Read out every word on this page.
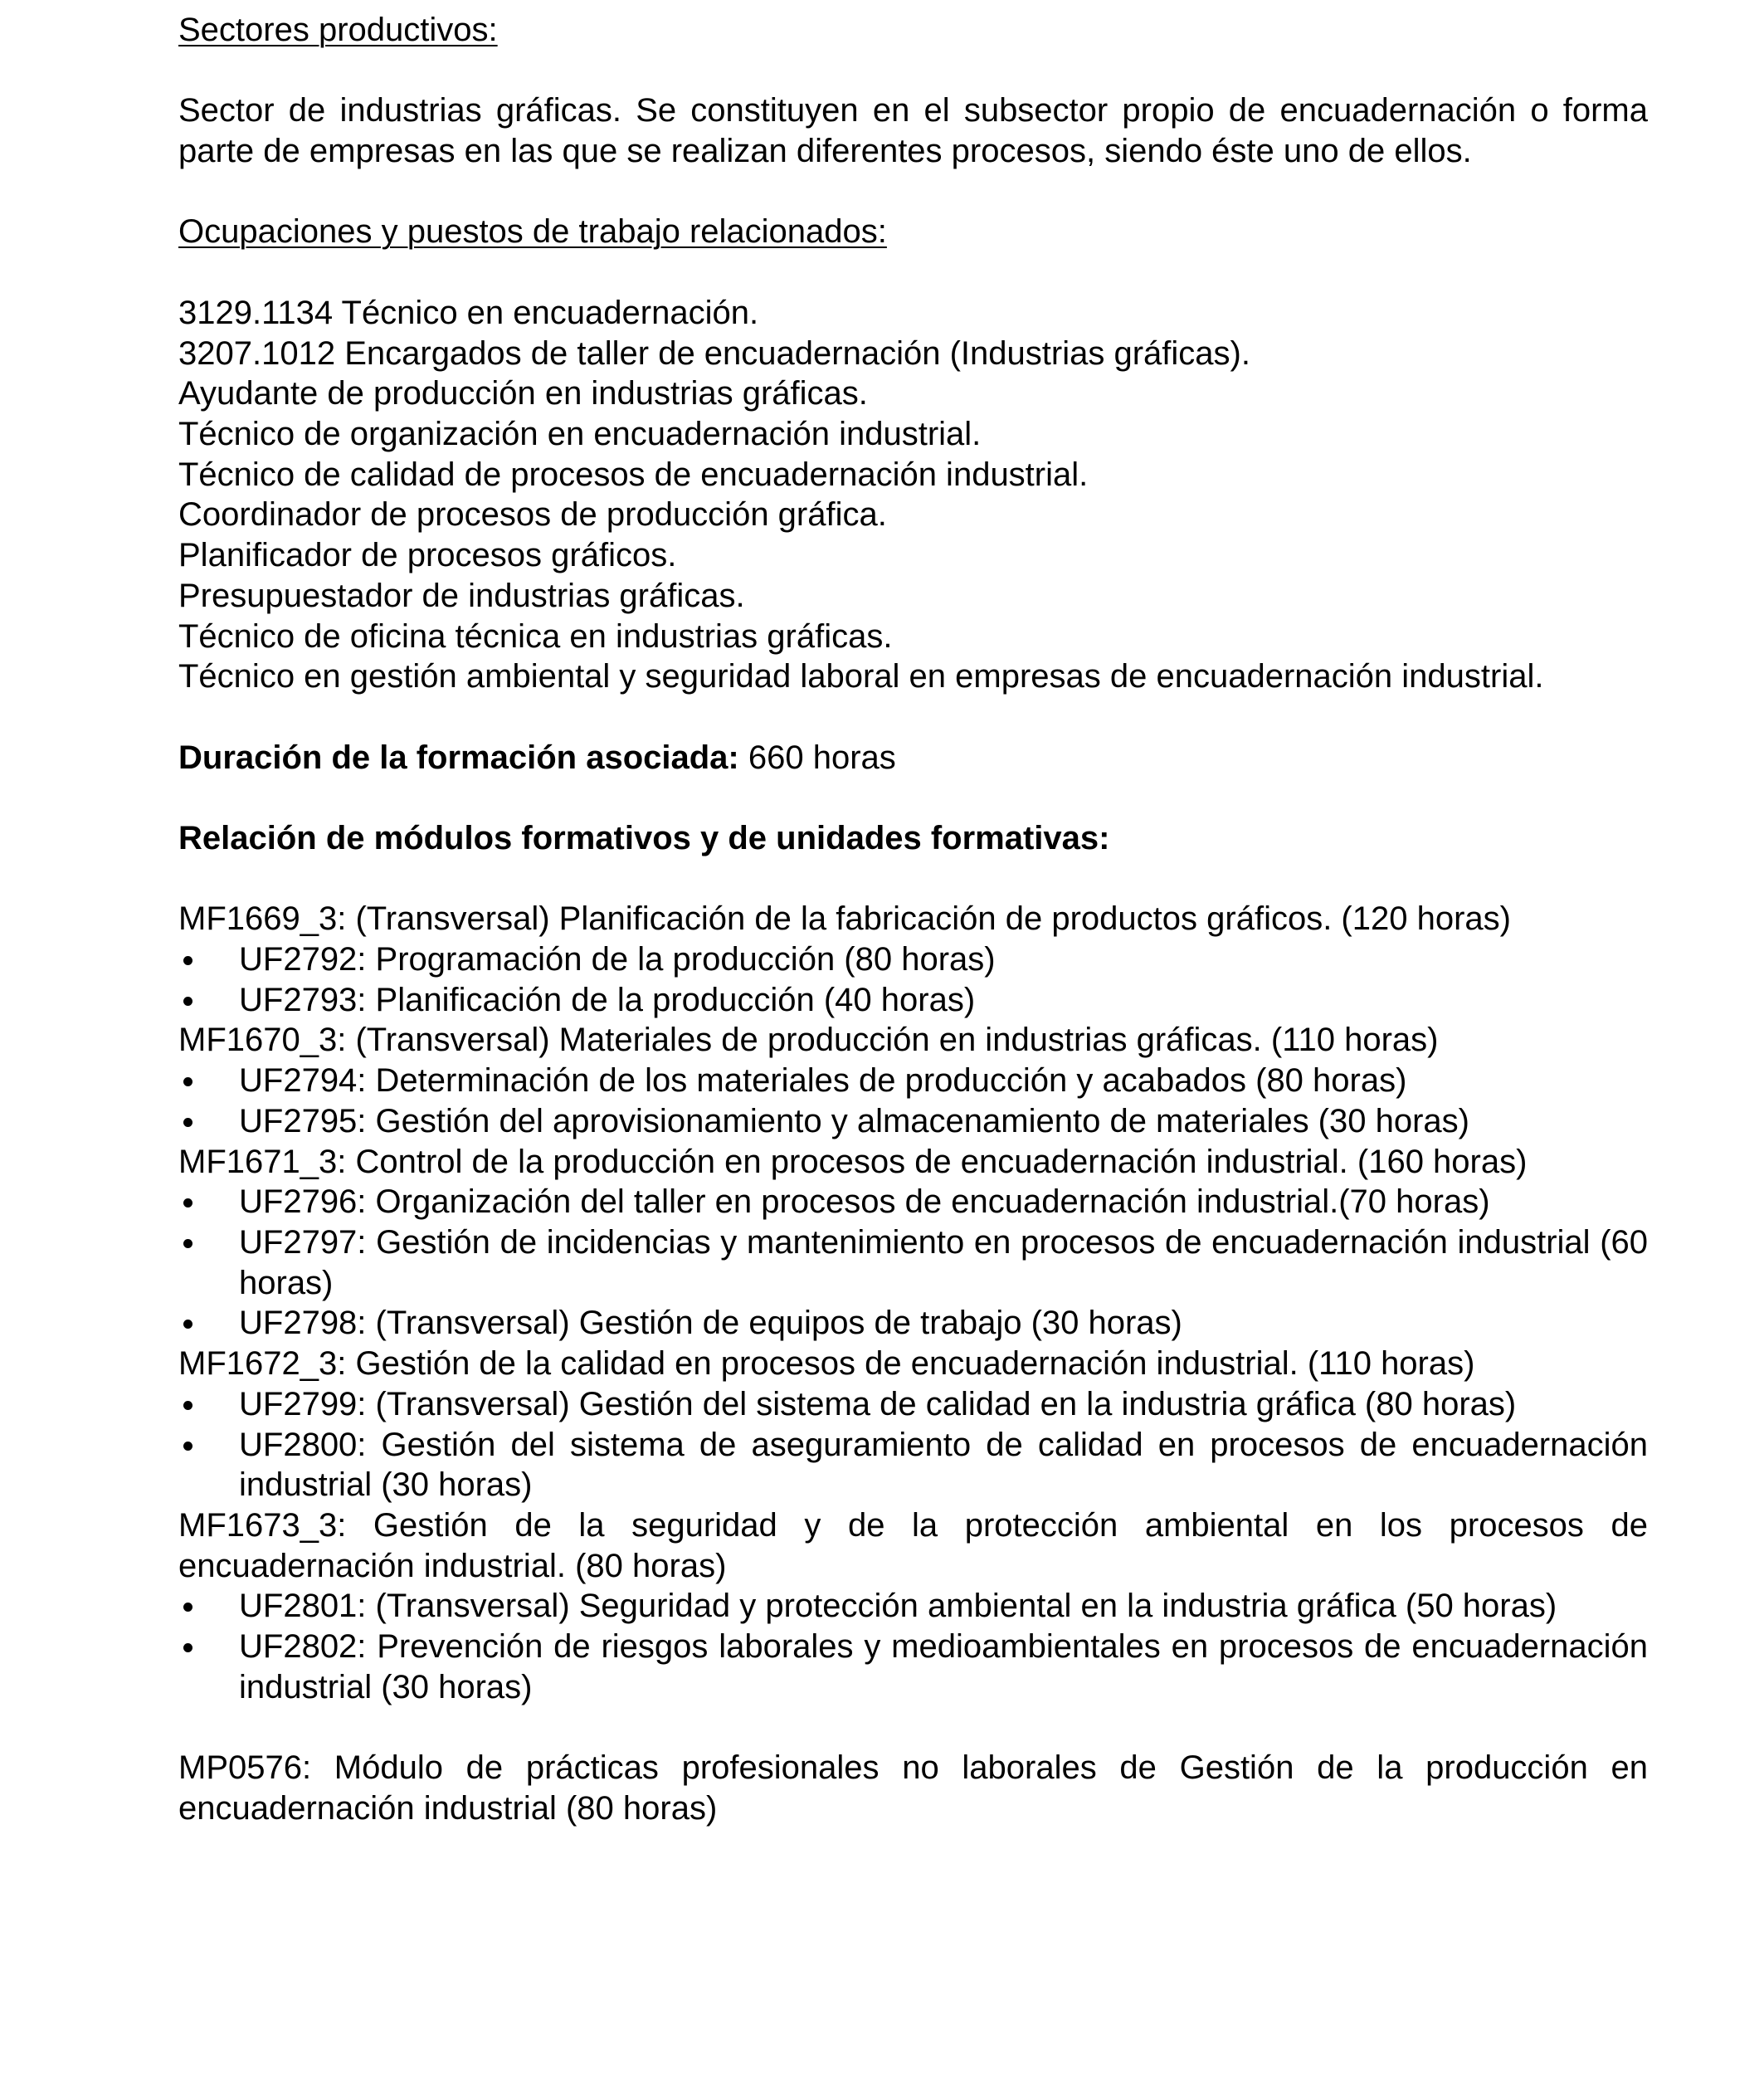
Sectores productivos:
Sector de industrias gráficas. Se constituyen en el subsector propio de encuadernación o forma parte de empresas en las que se realizan diferentes procesos, siendo éste uno de ellos.
Ocupaciones y puestos de trabajo relacionados:
3129.1134 Técnico en encuadernación.
3207.1012 Encargados de taller de encuadernación (Industrias gráficas).
Ayudante de producción en industrias gráficas.
Técnico de organización en encuadernación industrial.
Técnico de calidad de procesos de encuadernación industrial.
Coordinador de procesos de producción gráfica.
Planificador de procesos gráficos.
Presupuestador de industrias gráficas.
Técnico de oficina técnica en industrias gráficas.
Técnico en gestión ambiental y seguridad laboral en empresas de encuadernación industrial.
Duración de la formación asociada: 660 horas
Relación de módulos formativos y de unidades formativas:
MF1669_3: (Transversal) Planificación de la fabricación de productos gráficos. (120 horas)
UF2792: Programación de la producción (80 horas)
UF2793: Planificación de la producción (40 horas)
MF1670_3: (Transversal) Materiales de producción en industrias gráficas. (110 horas)
UF2794: Determinación de los materiales de producción y acabados (80 horas)
UF2795: Gestión del aprovisionamiento y almacenamiento de materiales (30 horas)
MF1671_3: Control de la producción en procesos de encuadernación industrial. (160 horas)
UF2796: Organización del taller en procesos de encuadernación industrial.(70 horas)
UF2797: Gestión de incidencias y mantenimiento en procesos de encuadernación industrial (60 horas)
UF2798: (Transversal) Gestión de equipos de trabajo (30 horas)
MF1672_3: Gestión de la calidad en procesos de encuadernación industrial. (110 horas)
UF2799: (Transversal) Gestión del sistema de calidad en la industria gráfica (80 horas)
UF2800: Gestión del sistema de aseguramiento de calidad en procesos de encuadernación industrial (30 horas)
MF1673_3: Gestión de la seguridad y de la protección ambiental en los procesos de encuadernación industrial. (80 horas)
UF2801: (Transversal) Seguridad y protección ambiental en la industria gráfica (50 horas)
UF2802: Prevención de riesgos laborales y medioambientales en procesos de encuadernación industrial (30 horas)
MP0576: Módulo de prácticas profesionales no laborales de Gestión de la producción en encuadernación industrial (80 horas)
